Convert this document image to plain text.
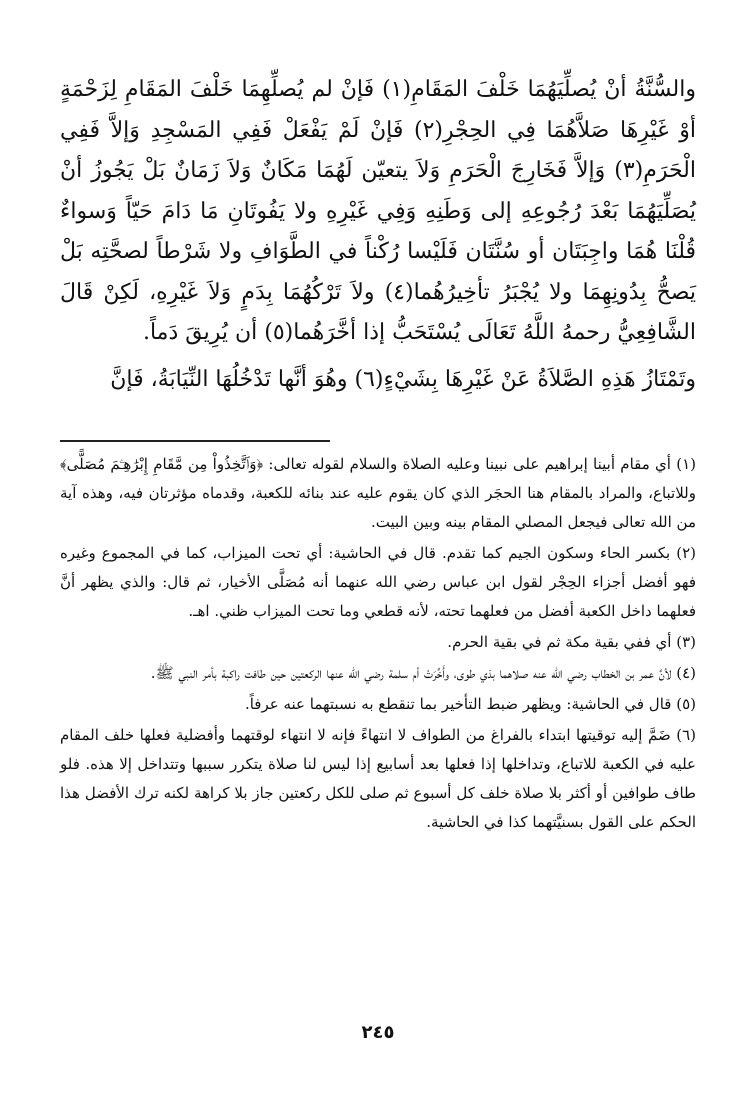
والسُّنَّةُ أنْ يُصلِّيَهُمَا خَلْفَ المَقَامِ(١) فَإنْ لم يُصلِّهِمَا خَلْفَ المَقَامِ لِزَحْمَةٍ أوْ غَيْرِهَا صَلاَّهُمَا فِي الحِجْرِ(٢) فَإنْ لَمْ يَفْعَلْ فَفِي المَسْجِدِ وَإلاَّ فَفِي الْحَرَمِ(٣) وَإلاَّ فَخَارِجَ الْحَرَمِ وَلاَ يتعيّن لَهُمَا مَكَانٌ وَلاَ زَمَانٌ بَلْ يَجُوزُ أنْ يُصَلِّيَهُمَا بَعْدَ رُجُوعِهِ إلى وَطَنِهِ وَفِي غَيْرِهِ ولا يَفُوتَانِ مَا دَامَ حَيّاً وَسواءٌ قُلْنَا هُمَا واجِبَتَان أو سُنَّتَان فَلَيْسا رُكْناً في الطَّوَافِ ولا شَرْطاً لصحَّتِه بَلْ يَصحُّ بِدُونِهِمَا ولا يُجْبَرُ تأخِيرُهُما(٤) ولاَ تَرْكُهُمَا بِدَمٍ وَلاَ غَيْرِهِ، لَكِنْ قَالَ الشَّافِعِيُّ رحمهُ اللَّهُ تَعَالَى يُسْتَحَبُّ إذا أخَّرَهُما(٥) أن يُرِيقَ دَماً.

وتَمْتَازُ هَذِهِ الصَّلاَةُ عَنْ غَيْرِهَا بِشَيْءٍ(٦) وهُوَ أنَّها تَدْخُلُهَا النِّيَابَةُ، فَإنَّ

(١) أي مقام أبينا إبراهيم على نبينا وعليه الصلاة والسلام لقوله تعالى: ﴿وَٱتَّخِذُواْ مِن مَّقَامِ إِبْرَٰهِـۧمَ مُصَلًّى﴾ وللاتباع، والمراد بالمقام هنا الحجَر الذي كان يقوم عليه عند بنائه للكعبة، وقدماه مؤثرتان فيه، وهذه آية من الله تعالى فيجعل المصلي المقام بينه وبين البيت.

(٢) بكسر الحاء وسكون الجيم كما تقدم. قال في الحاشية: أي تحت الميزاب، كما في المجموع وغيره فهو أفضل أجزاء الحِجْر لقول ابن عباس رضي الله عنهما أنه مُصَلَّى الأخيار، ثم قال: والذي يظهر أنَّ فعلهما داخل الكعبة أفضل من فعلهما تحته، لأنه قطعي وما تحت الميزاب ظني. اهـ.

(٣) أي ففي بقية مكة ثم في بقية الحرم.

(٤) لأنَّ عمر بن الخطاب رضي الله عنه صلاهما بذي طوى، وأَخَّرَتْ أم سلمة رضي الله عنها الركعتين حين طافت راكبة بأمر النبي ﷺ.

(٥) قال في الحاشية: ويظهر ضبط التأخير بما تنقطع به نسبتهما عنه عرفاً.

(٦) ضَمَّ إليه توقيتها ابتداء بالفراغ من الطواف لا انتهاءً فإنه لا انتهاء لوقتهما وأفضلية فعلها خلف المقام عليه في الكعبة للاتباع، وتداخلها إذا فعلها بعد أسابيع إذا ليس لنا صلاة يتكرر سببها وتتداخل إلا هذه. فلو طاف طوافين أو أكثر بلا صلاة خلف كل أسبوع ثم صلى للكل ركعتين جاز بلا كراهة لكنه ترك الأفضل هذا الحكم على القول بسنيَّتهما كذا في الحاشية.

٢٤٥
